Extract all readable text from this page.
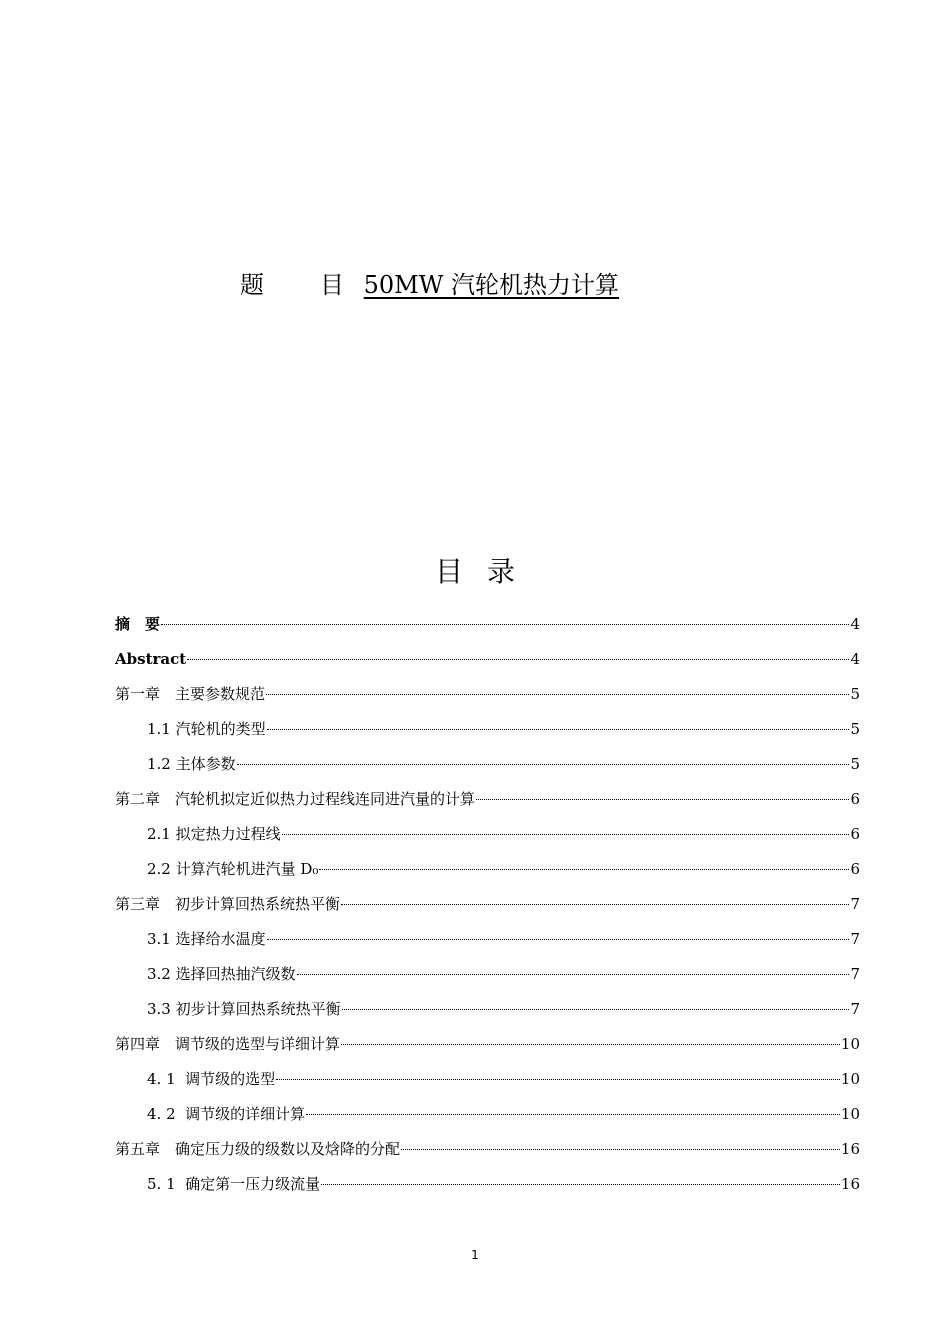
题 目 50MW 汽轮机热力计算
目录
摘　要	4
Abstract	4
第一章　主要参数规范	5
1.1 汽轮机的类型	5
1.2 主体参数	5
第二章　汽轮机拟定近似热力过程线连同进汽量的计算	6
2.1 拟定热力过程线	6
2.2 计算汽轮机进汽量 D₀	6
第三章　初步计算回热系统热平衡	7
3.1 选择给水温度	7
3.2 选择回热抽汽级数	7
3.3 初步计算回热系统热平衡	7
第四章　调节级的选型与详细计算	10
4. 1  调节级的选型	10
4. 2  调节级的详细计算	10
第五章　确定压力级的级数以及焓降的分配	16
5. 1  确定第一压力级流量	16
1
